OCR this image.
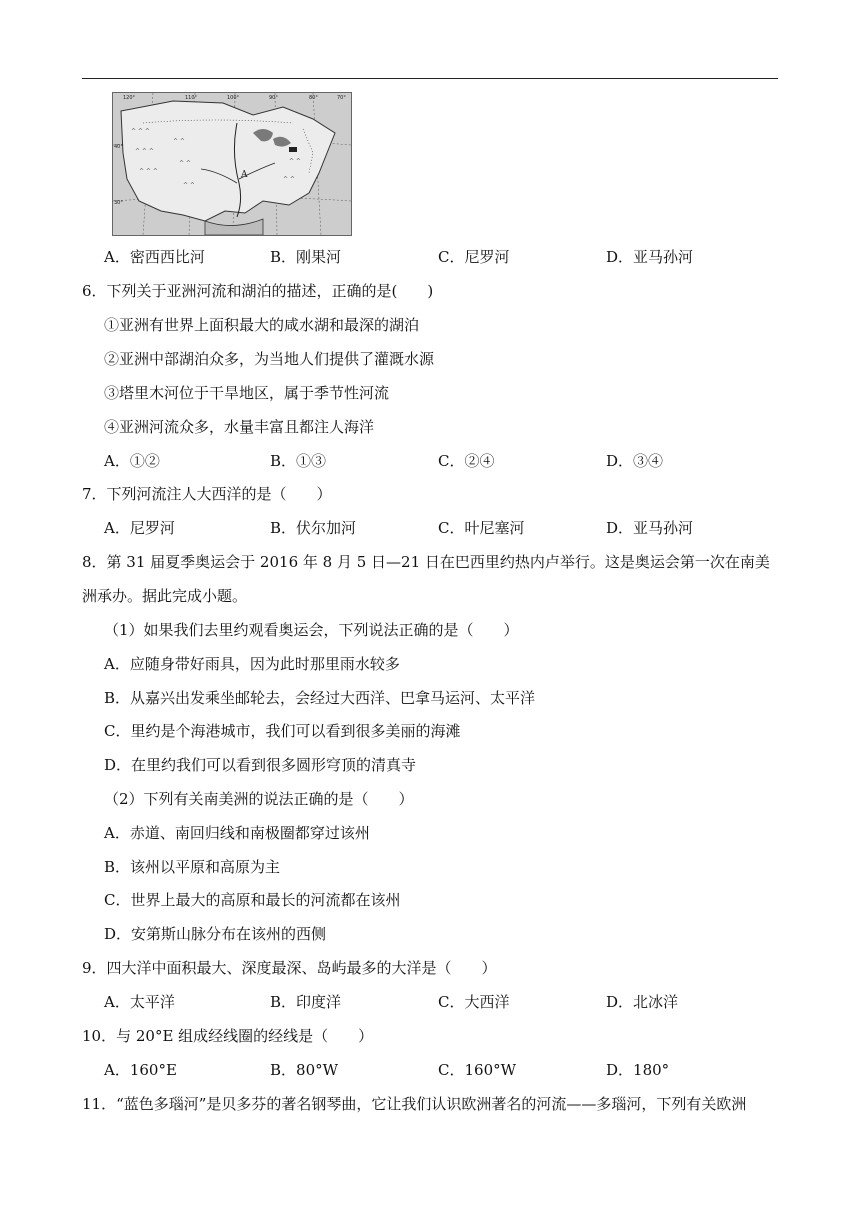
^ ^ ^
^ ^ ^
^ ^ ^
^ ^
^ ^
^ ^
^ ^
^ ^
A
120°	110°	100°	90°	80°	70°
40°
30°
A．密西西比河	B．刚果河	C．尼罗河	D．亚马孙河
6．下列关于亚洲河流和湖泊的描述，正确的是(　　)
①亚洲有世界上面积最大的咸水湖和最深的湖泊
②亚洲中部湖泊众多，为当地人们提供了灌溉水源
③塔里木河位于干旱地区，属于季节性河流
④亚洲河流众多，水量丰富且都注人海洋
A．①②	B．①③	C．②④	D．③④
7．下列河流注人大西洋的是（　　）
A．尼罗河	B．伏尔加河	C．叶尼塞河	D．亚马孙河
8．第 31 届夏季奥运会于 2016 年 8 月 5 日—21 日在巴西里约热内卢举行。这是奥运会第一次在南美
洲承办。据此完成小题。
（1）如果我们去里约观看奥运会，下列说法正确的是（　　）
A．应随身带好雨具，因为此时那里雨水较多
B．从嘉兴出发乘坐邮轮去，会经过大西洋、巴拿马运河、太平洋
C．里约是个海港城市，我们可以看到很多美丽的海滩
D．在里约我们可以看到很多圆形穹顶的清真寺
（2）下列有关南美洲的说法正确的是（　　）
A．赤道、南回归线和南极圈都穿过该州
B．该州以平原和高原为主
C．世界上最大的高原和最长的河流都在该州
D．安第斯山脉分布在该州的西侧
9．四大洋中面积最大、深度最深、岛屿最多的大洋是（　　）
A．太平洋	B．印度洋	C．大西洋	D．北冰洋
10．与 20°E 组成经线圈的经线是（　　）
A．160°E	B．80°W	C．160°W	D．180°
11．“蓝色多瑙河”是贝多芬的著名钢琴曲，它让我们认识欧洲著名的河流——多瑙河，下列有关欧洲
